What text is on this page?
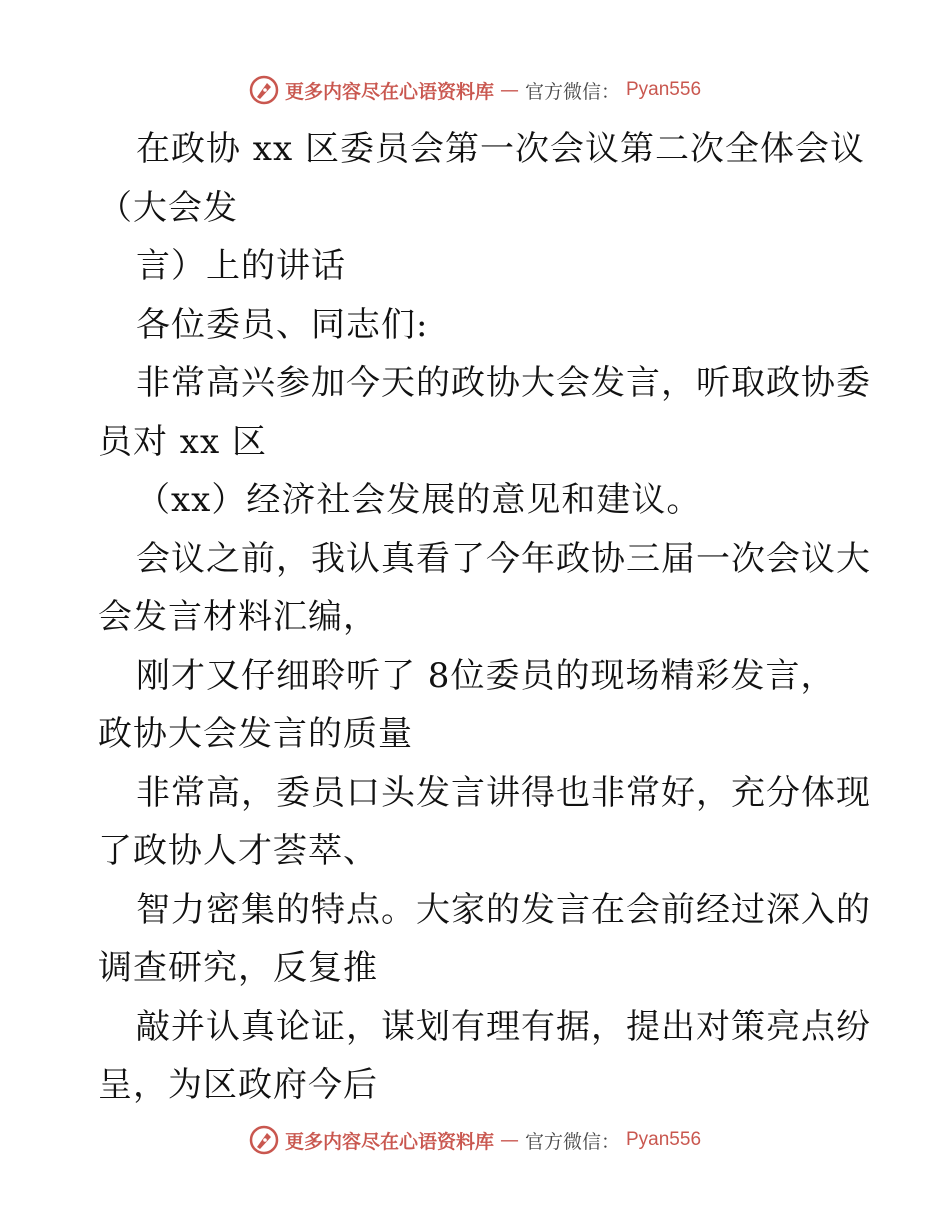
更多内容尽在心语资料库 — 官方微信： Pyan556
在政协 xx 区委员会第一次会议第二次全体会议
（大会发
言）上的讲话
各位委员、同志们:
非常高兴参加今天的政协大会发言，听取政协委
员对 xx 区
（xx）经济社会发展的意见和建议。
会议之前，我认真看了今年政协三届一次会议大
会发言材料汇编，
刚才又仔细聆听了 8位委员的现场精彩发言，
政协大会发言的质量
非常高，委员口头发言讲得也非常好，充分体现
了政协人才荟萃、
智力密集的特点。大家的发言在会前经过深入的
调查研究，反复推
敲并认真论证，谋划有理有据，提出对策亮点纷
呈，为区政府今后
更多内容尽在心语资料库 — 官方微信： Pyan556
